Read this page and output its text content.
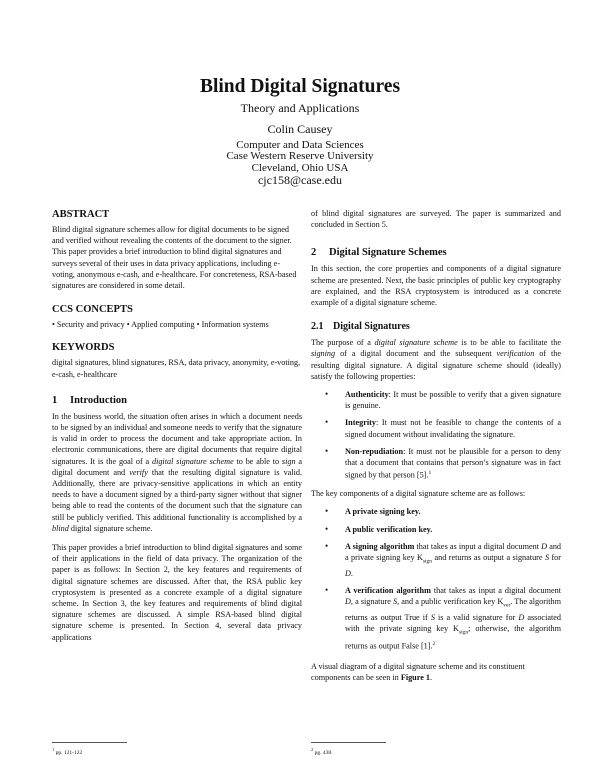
Blind Digital Signatures
Theory and Applications
Colin Causey
Computer and Data Sciences
Case Western Reserve University
Cleveland, Ohio USA
cjc158@case.edu
ABSTRACT

Blind digital signature schemes allow for digital documents to be signed and verified without revealing the contents of the document to the signer. This paper provides a brief introduction to blind digital signatures and surveys several of their uses in data privacy applications, including e-voting, anonymous e-cash, and e-healthcare. For concreteness, RSA-based signatures are considered in some detail.

CCS CONCEPTS

• Security and privacy • Applied computing • Information systems

KEYWORDS

digital signatures, blind signatures, RSA, data privacy, anonymity, e-voting, e-cash, e-healthcare

1 Introduction

In the business world, the situation often arises in which a document needs to be signed by an individual and someone needs to verify that the signature is valid in order to process the document and take appropriate action. In electronic communications, there are digital documents that require digital signatures. It is the goal of a digital signature scheme to be able to sign a digital document and verify that the resulting digital signature is valid. Additionally, there are privacy-sensitive applications in which an entity needs to have a document signed by a third-party signer without that signer being able to read the contents of the document such that the signature can still be publicly verified. This additional functionality is accomplished by a blind digital signature scheme.

This paper provides a brief introduction to blind digital signatures and some of their applications in the field of data privacy. The organization of the paper is as follows: In Section 2, the key features and requirements of digital signature schemes are discussed. After that, the RSA public key cryptosystem is presented as a concrete example of a digital signature scheme. In Section 3, the key features and requirements of blind digital signature schemes are discussed. A simple RSA-based blind digital signature scheme is presented. In Section 4, several data privacy applications

of blind digital signatures are surveyed. The paper is summarized and concluded in Section 5.

2 Digital Signature Schemes

In this section, the core properties and components of a digital signature scheme are presented. Next, the basic principles of public key cryptography are explained, and the RSA cryptosystem is introduced as a concrete example of a digital signature scheme.

2.1 Digital Signatures

The purpose of a digital signature scheme is to be able to facilitate the signing of a digital document and the subsequent verification of the resulting digital signature. A digital signature scheme should (ideally) satisfy the following properties:

• Authenticity: It must be possible to verify that a given signature is genuine.
• Integrity: It must not be feasible to change the contents of a signed document without invalidating the signature.
• Non-repudiation: It must not be plausible for a person to deny that a document that contains that person’s signature was in fact signed by that person [5].$^1$

The key components of a digital signature scheme are as follows:

• A private signing key.
• A public verification key.
• A signing algorithm that takes as input a digital document D and a private signing key $K_{sign}$ and returns as output a signature S for D.
• A verification algorithm that takes as input a digital document D, a signature S, and a public verification key $K_{ver}$. The algorithm returns as output True if S is a valid signature for D associated with the private signing key $K_{sign}$; otherwise, the algorithm returns as output False [1].$^2$

A visual diagram of a digital signature scheme and its constituent components can be seen in Figure 1.

$^1$ pp. 121-122
$^2$ pg. 438.
